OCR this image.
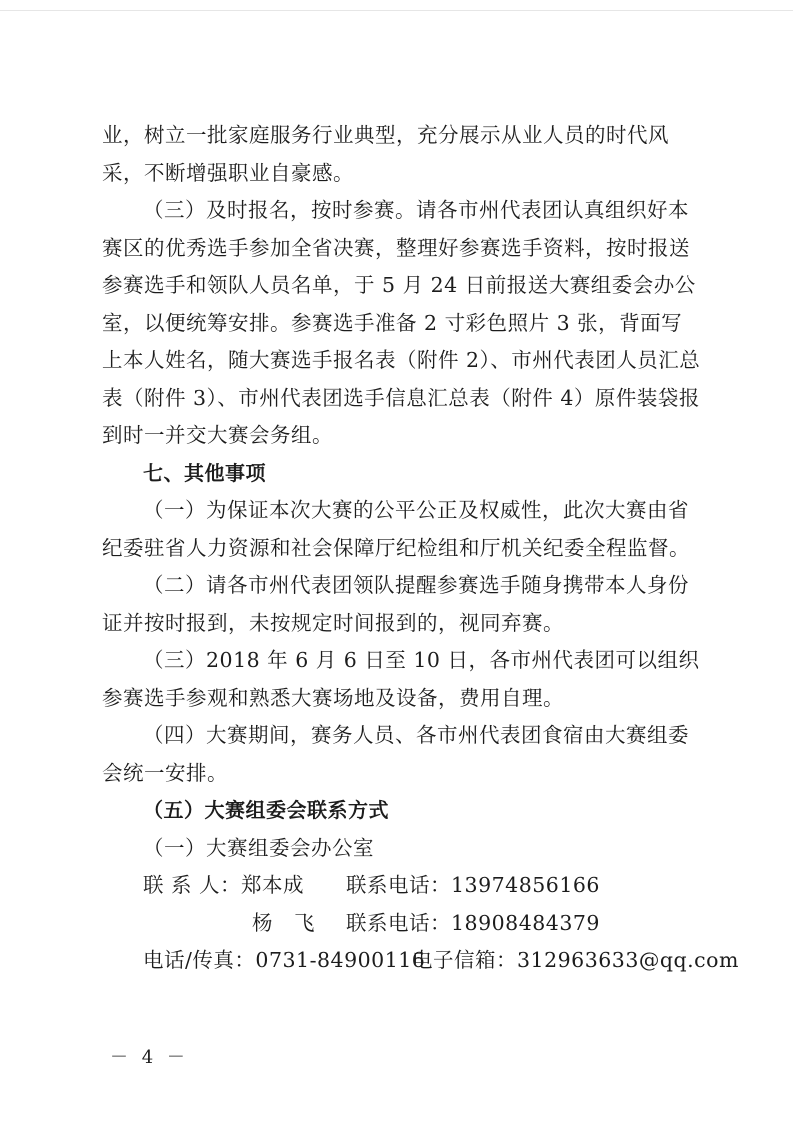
业，树立一批家庭服务行业典型，充分展示从业人员的时代风采，不断增强职业自豪感。

（三）及时报名，按时参赛。请各市州代表团认真组织好本赛区的优秀选手参加全省决赛，整理好参赛选手资料，按时报送参赛选手和领队人员名单，于 5 月 24 日前报送大赛组委会办公室，以便统筹安排。参赛选手准备 2 寸彩色照片 3 张，背面写上本人姓名，随大赛选手报名表（附件 2）、市州代表团人员汇总表（附件 3）、市州代表团选手信息汇总表（附件 4）原件装袋报到时一并交大赛会务组。

七、其他事项

（一）为保证本次大赛的公平公正及权威性，此次大赛由省纪委驻省人力资源和社会保障厅纪检组和厅机关纪委全程监督。

（二）请各市州代表团领队提醒参赛选手随身携带本人身份证并按时报到，未按规定时间报到的，视同弃赛。

（三）2018 年 6 月 6 日至 10 日，各市州代表团可以组织参赛选手参观和熟悉大赛场地及设备，费用自理。

（四）大赛期间，赛务人员、各市州代表团食宿由大赛组委会统一安排。

（五）大赛组委会联系方式

（一）大赛组委会办公室

联 系 人：郑本成 联系电话：13974856166
杨　飞 联系电话：18908484379
电话/传真：0731-84900116
电子信箱：312963633@qq.com
－ 4 －
